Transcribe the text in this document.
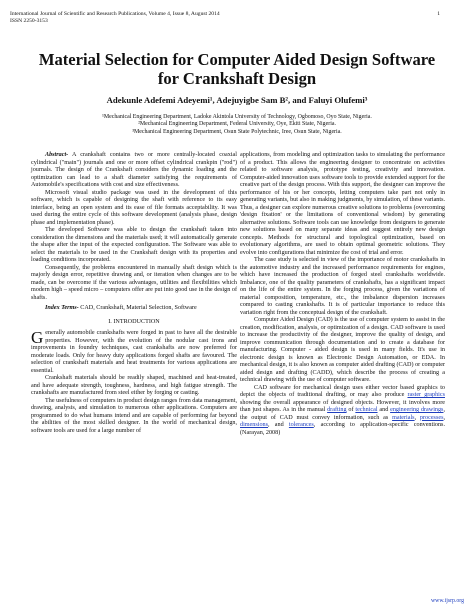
International Journal of Scientific and Research Publications, Volume 4, Issue 8, August 2014	1
ISSN 2250-3153
Material Selection for Computer Aided Design Software
for Crankshaft Design
Adekunle Adefemi Adeyemi¹, Adejuyigbe Sam B², and Faluyi Olufemi³
¹Mechanical Engineering Department, Ladoke Akintola University of Technology, Ogbomoso, Oyo State, Nigeria.
²Mechanical Engineering Department, Federal University, Oye, Ekiti State, Nigeria.
³Mechanical Engineering Department, Osun State Polytechnic, Iree, Osun State, Nigeria.

Abstract- A crankshaft contains two or more centrally-located coaxial cylindrical ("main") journals and one or more offset cylindrical crankpin ("rod") journals. The design of the Crankshaft considers the dynamic loading and the optimization can lead to a shaft diameter satisfying the requirements of Automobile's specifications with cost and size effectiveness.

Microsoft visual studio package was used in the development of this software, which is capable of designing the shaft with reference to its easy interface, being an open system and its ease of file formats acceptability. It was used during the entire cycle of this software development (analysis phase, design phase and implementation phase).

The developed Software was able to design the crankshaft taken into consideration the dimensions and the materials used; it will automatically generate the shape after the input of the expected configuration. The Software was able to select the materials to be used in the Crankshaft design with its properties and loading conditions incorporated.

Consequently, the problems encountered in manually shaft design which is majorly design error, repetitive drawing and, or iteration when changes are to be made, can be overcome if the various advantages, utilities and flexibilities which modern high – speed micro – computers offer are put into good use in the design of shafts.

Index Terms- CAD, Crankshaft, Material Selection, Software

I. INTRODUCTION

Generally automobile crankshafts were forged in past to have all the desirable properties. However, with the evolution of the nodular cast irons and improvements in foundry techniques, cast crankshafts are now preferred for moderate loads. Only for heavy duty applications forged shafts are favoured. The selection of crankshaft materials and heat treatments for various applications are essential.

Crankshaft materials should be readily shaped, machined and heat-treated, and have adequate strength, toughness, hardness, and high fatigue strength. The crankshafts are manufactured from steel either by forging or casting.

The usefulness of computers in product design ranges from data management, drawing, analysis, and simulation to numerous other applications. Computers are programmed to do what humans intend and are capable of performing far beyond the abilities of the most skilled designer. In the world of mechanical design, software tools are used for a large number of

applications, from modeling and optimization tasks to simulating the performance of a product. This allows the engineering designer to concentrate on activities related to software analysis, prototype testing, creativity and innovation. Computer-aided innovation uses software tools to provide extended support for the creative part of the design process. With this support, the designer can improve the performance of his or her concepts, letting computers take part not only in generating variants, but also in making judgments, by simulation, of these variants. Thus, a designer can explore numerous creative solutions to problems (overcoming 'design fixation' or the limitations of conventional wisdom) by generating alternative solutions. Software tools can use knowledge from designers to generate new solutions based on many separate ideas and suggest entirely new design concepts. Methods for structural and topological optimization, based on evolutionary algorithms, are used to obtain optimal geometric solutions. They evolve into configurations that minimize the cost of trial and error.

The case study is selected in view of the importance of motor crankshafts in the automotive industry and the increased performance requirements for engines, which have increased the production of forged steel crankshafts worldwide. Imbalance, one of the quality parameters of crankshafts, has a significant impact on the life of the entire system. In the forging process, given the variations of material composition, temperature, etc., the imbalance dispersion increases compared to casting crankshafts. It is of particular importance to reduce this variation right from the conceptual design of the crankshaft.

Computer Aided Design (CAD) is the use of computer system to assist in the creation, modification, analysis, or optimization of a design. CAD software is used to increase the productivity of the designer, improve the quality of design, and improve communication through documentation and to create a database for manufacturing. Computer - aided design is used in many fields. It's use in electronic design is known as Electronic Design Automation, or EDA. In mechanical design, it is also known as computer aided drafting (CAD) or computer aided design and drafting (CADD), which describe the process of creating a technical drawing with the use of computer software.

CAD software for mechanical design uses either vector based graphics to depict the objects of traditional drafting, or may also produce raster graphics showing the overall appearance of designed objects. However, it involves more than just shapes. As in the manual drafting of technical and engineering drawings, the output of CAD must convey information, such as materials, processes, dimensions, and tolerances, according to application-specific conventions. (Narayan, 2008)

www.ijsrp.org
